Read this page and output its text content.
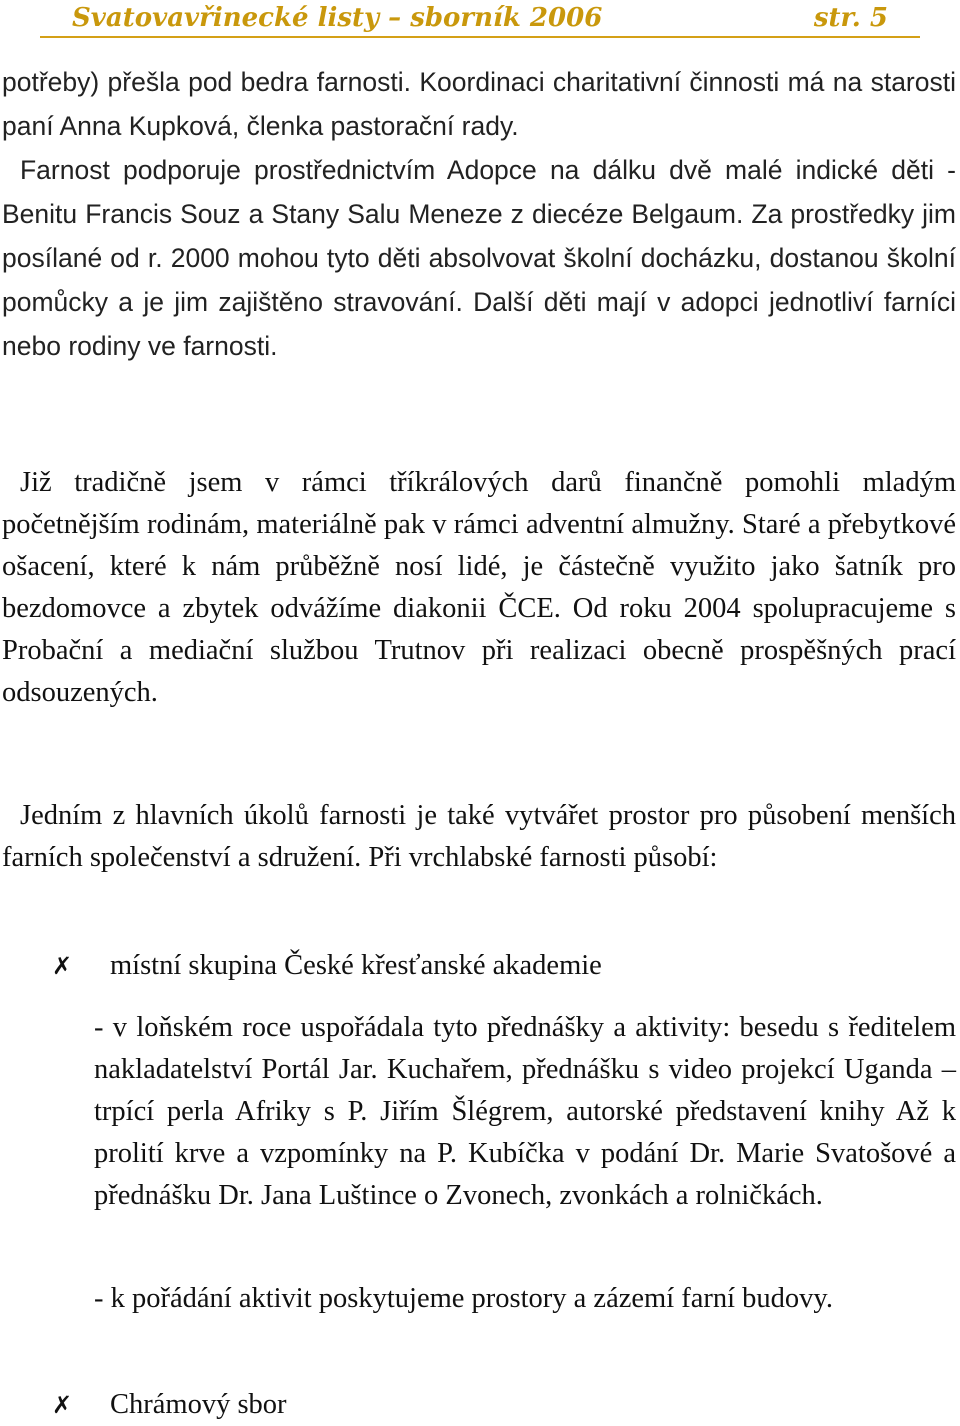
Svatovavřinecké listy – sborník 2006	str. 5
potřeby) přešla pod bedra farnosti. Koordinaci charitativní činnosti má na starosti paní Anna Kupková, členka pastorační rady.
Farnost podporuje prostřednictvím Adopce na dálku dvě malé indické děti - Benitu Francis Souz a Stany Salu Meneze z diecéze Belgaum. Za prostředky jim posílané od r. 2000 mohou tyto děti absolvovat školní docházku, dostanou školní pomůcky a je jim zajištěno stravování. Další děti mají v adopci jednotliví farníci nebo rodiny ve farnosti.
Již tradičně jsem v rámci tříkrálových darů finančně pomohli mladým početnějším rodinám, materiálně pak v rámci adventní almužny. Staré a přebytkové ošacení, které k nám průběžně nosí lidé, je částečně využito jako šatník pro bezdomovce a zbytek odvážíme diakonii ČCE. Od roku 2004 spolupracujeme s Probační a mediační službou Trutnov při realizaci obecně prospěšných prací odsouzených.
Jedním z hlavních úkolů farnosti je také vytvářet prostor pro působení menších farních společenství a sdružení. Při vrchlabské farnosti působí:
✗ místní skupina České křesťanské akademie
- v loňském roce uspořádala tyto přednášky a aktivity: besedu s ředitelem nakladatelství Portál Jar. Kuchařem, přednášku s video projekcí Uganda – trpící perla Afriky s P. Jiřím Šlégrem, autorské představení knihy Až k prolití krve a vzpomínky na P. Kubíčka v podání Dr. Marie Svatošové a přednášku Dr. Jana Luštince o Zvonech, zvonkách a rolničkách.
- k pořádání aktivit poskytujeme prostory a zázemí farní budovy.
✗ Chrámový sbor
